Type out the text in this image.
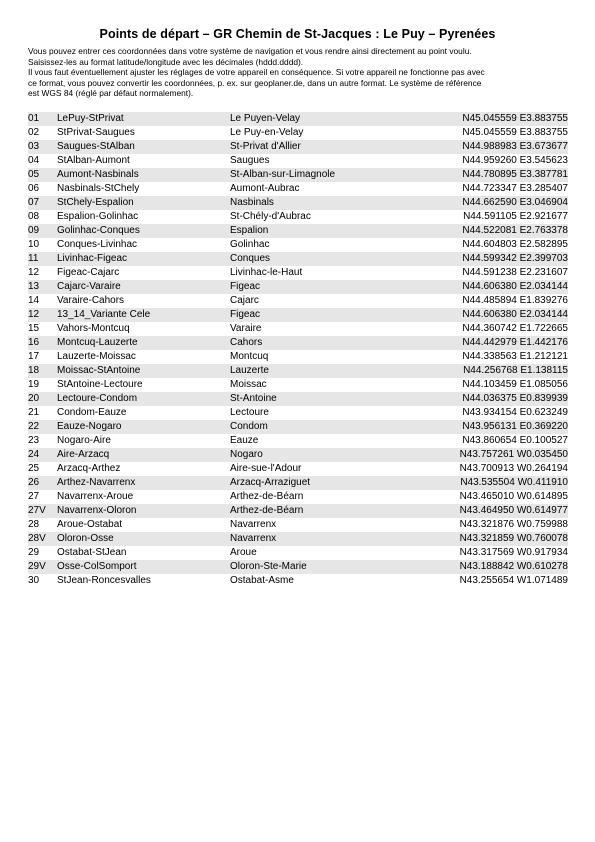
Points de départ – GR Chemin de St-Jacques : Le Puy – Pyrenées

Vous pouvez entrer ces coordonnées dans votre système de navigation et vous rendre ainsi directement au point voulu.

Saisissez-les au format latitude/longitude avec les décimales (hddd.dddd).

Il vous faut éventuellement ajuster les réglages de votre appareil en conséquence. Si votre appareil ne fonctionne pas avec

ce format, vous pouvez convertir les coordonnées, p. ex. sur geoplaner.de, dans un autre format. Le système de référence

est WGS 84 (réglé par défaut normalement).

01 LePuy-StPrivat	Le Puyen-Velay	N45.045559 E3.883755
02 StPrivat-Saugues	Le Puy-en-Velay	N45.045559 E3.883755
03 Saugues-StAlban	St-Privat d'Allier	N44.988983 E3.673677
04 StAlban-Aumont	Saugues	N44.959260 E3.545623
05 Aumont-Nasbinals	St-Alban-sur-Limagnole	N44.780895 E3.387781
06 Nasbinals-StChely	Aumont-Aubrac	N44.723347 E3.285407
07 StChely-Espalion	Nasbinals	N44.662590 E3.046904
08 Espalion-Golinhac	St-Chély-d'Aubrac	N44.591105 E2.921677
09 Golinhac-Conques	Espalion	N44.522081 E2.763378
10 Conques-Livinhac	Golinhac	N44.604803 E2.582895
11 Livinhac-Figeac	Conques	N44.599342 E2.399703
12 Figeac-Cajarc	Livinhac-le-Haut	N44.591238 E2.231607
13 Cajarc-Varaire	Figeac	N44.606380 E2.034144
14 Varaire-Cahors	Cajarc	N44.485894 E1.839276
12 13_14_Variante Cele	Figeac	N44.606380 E2.034144
15 Vahors-Montcuq	Varaire	N44.360742 E1.722665
16 Montcuq-Lauzerte	Cahors	N44.442979 E1.442176
17 Lauzerte-Moissac	Montcuq	N44.338563 E1.212121
18 Moissac-StAntoine	Lauzerte	N44.256768 E1.138115
19 StAntoine-Lectoure	Moissac	N44.103459 E1.085056
20 Lectoure-Condom	St-Antoine	N44.036375 E0.839939
21 Condom-Eauze	Lectoure	N43.934154 E0.623249
22 Eauze-Nogaro	Condom	N43.956131 E0.369220
23 Nogaro-Aire	Eauze	N43.860654 E0.100527
24 Aire-Arzacq	Nogaro	N43.757261 W0.035450
25 Arzacq-Arthez	Aire-sue-l'Adour	N43.700913 W0.264194
26 Arthez-Navarrenx	Arzacq-Arraziguet	N43.535504 W0.411910
27 Navarrenx-Aroue	Arthez-de-Béarn	N43.465010 W0.614895
27V Navarrenx-Oloron	Arthez-de-Béarn	N43.464950 W0.614977
28 Aroue-Ostabat	Navarrenx	N43.321876 W0.759988
28V Oloron-Osse	Navarrenx	N43.321859 W0.760078
29 Ostabat-StJean	Aroue	N43.317569 W0.917934
29V Osse-ColSomport	Oloron-Ste-Marie	N43.188842 W0.610278
30 StJean-Roncesvalles	Ostabat-Asme	N43.255654 W1.071489
